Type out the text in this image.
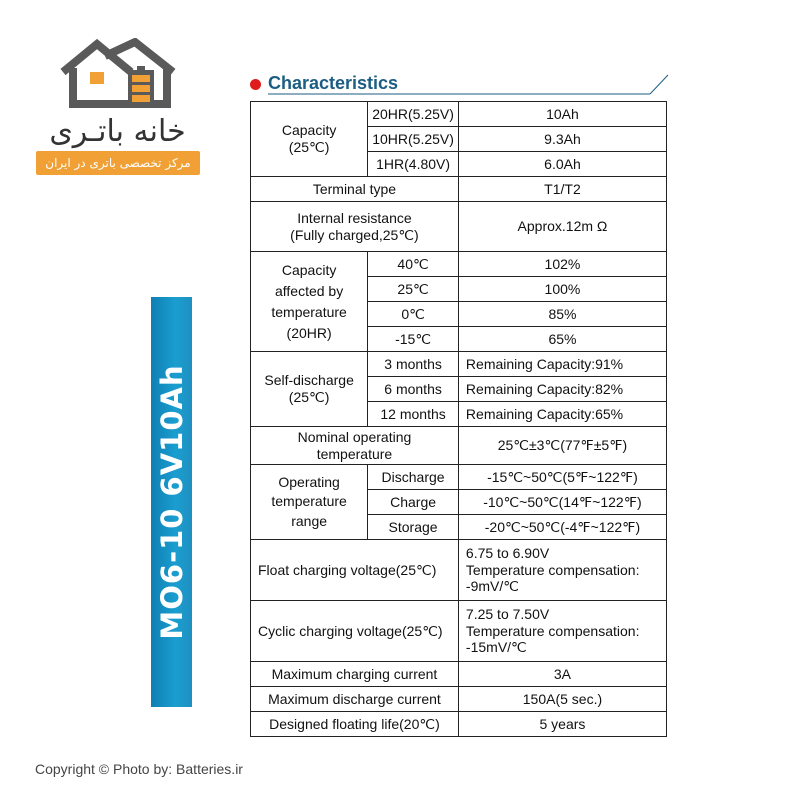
خانه باتـری
مرکز تخصصی باتری در ایران
MO6-10 6V10Ah
Characteristics
Capacity
(25℃)	20HR(5.25V)	10Ah
	10HR(5.25V)	9.3Ah
	1HR(4.80V)	6.0Ah
Terminal type		T1/T2
Internal resistance
(Fully charged,25℃)		Approx.12m Ω
Capacity
affected by
temperature
(20HR)	40℃	102%
	25℃	100%
	0℃	85%
	-15℃	65%
Self-discharge
(25℃)	3 months	Remaining Capacity:91%
	6 months	Remaining Capacity:82%
	12 months	Remaining Capacity:65%
Nominal operating
temperature		25℃±3℃(77℉±5℉)
Operating
temperature
range	Discharge	-15℃~50℃(5℉~122℉)
	Charge	-10℃~50℃(14℉~122℉)
	Storage	-20℃~50℃(-4℉~122℉)
Float charging voltage(25℃)		6.75 to 6.90V
Temperature compensation:
-9mV/℃
Cyclic charging voltage(25℃)		7.25 to 7.50V
Temperature compensation:
-15mV/℃
Maximum charging current		3A
Maximum discharge current		150A(5 sec.)
Designed floating life(20℃)		5 years
Copyright © Photo by: Batteries.ir
